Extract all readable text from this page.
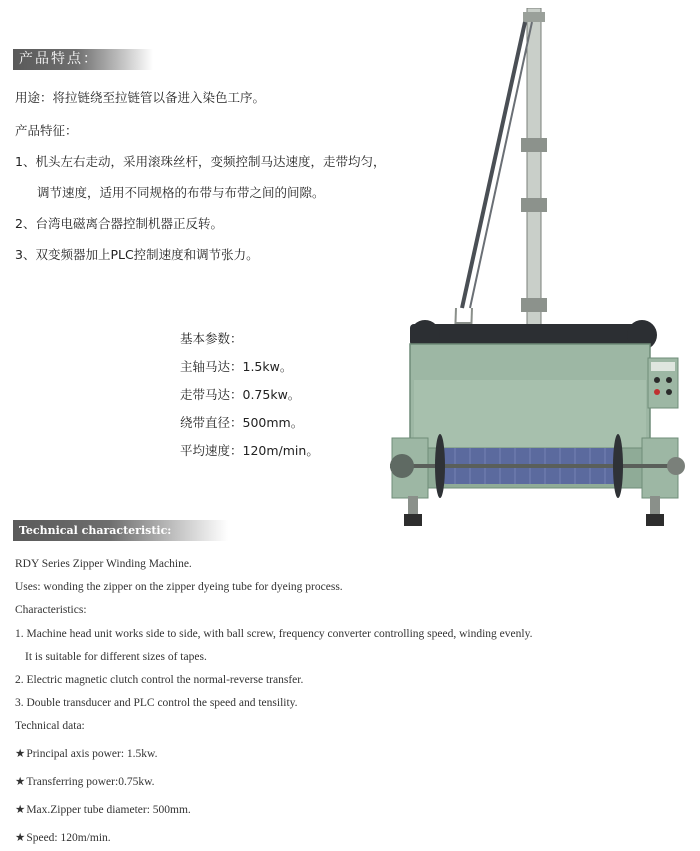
产品特点：
用途：将拉链绕至拉链管以备进入染色工序。
产品特征：
1、机头左右走动，采用滚珠丝杆，变频控制马达速度，走带均匀，
调节速度，适用不同规格的布带与布带之间的间隙。
2、台湾电磁离合器控制机器正反转。
3、双变频器加上PLC控制速度和调节张力。
基本参数：
主轴马达：1.5kw。
走带马达：0.75kw。
绕带直径：500mm。
平均速度：120m/min。
Technical characteristic:
RDY Series Zipper Winding Machine.
Uses: wonding the zipper on the zipper dyeing tube for dyeing process.
Characteristics:
1. Machine head unit works side to side, with ball screw, frequency converter controlling speed, winding evenly.
It is suitable for different sizes of tapes.
2. Electric magnetic clutch control the normal-reverse transfer.
3. Double transducer and PLC control the speed and tensility.
Technical data:
★Principal axis power: 1.5kw.
★Transferring power:0.75kw.
★Max.Zipper tube diameter: 500mm.
★Speed: 120m/min.
